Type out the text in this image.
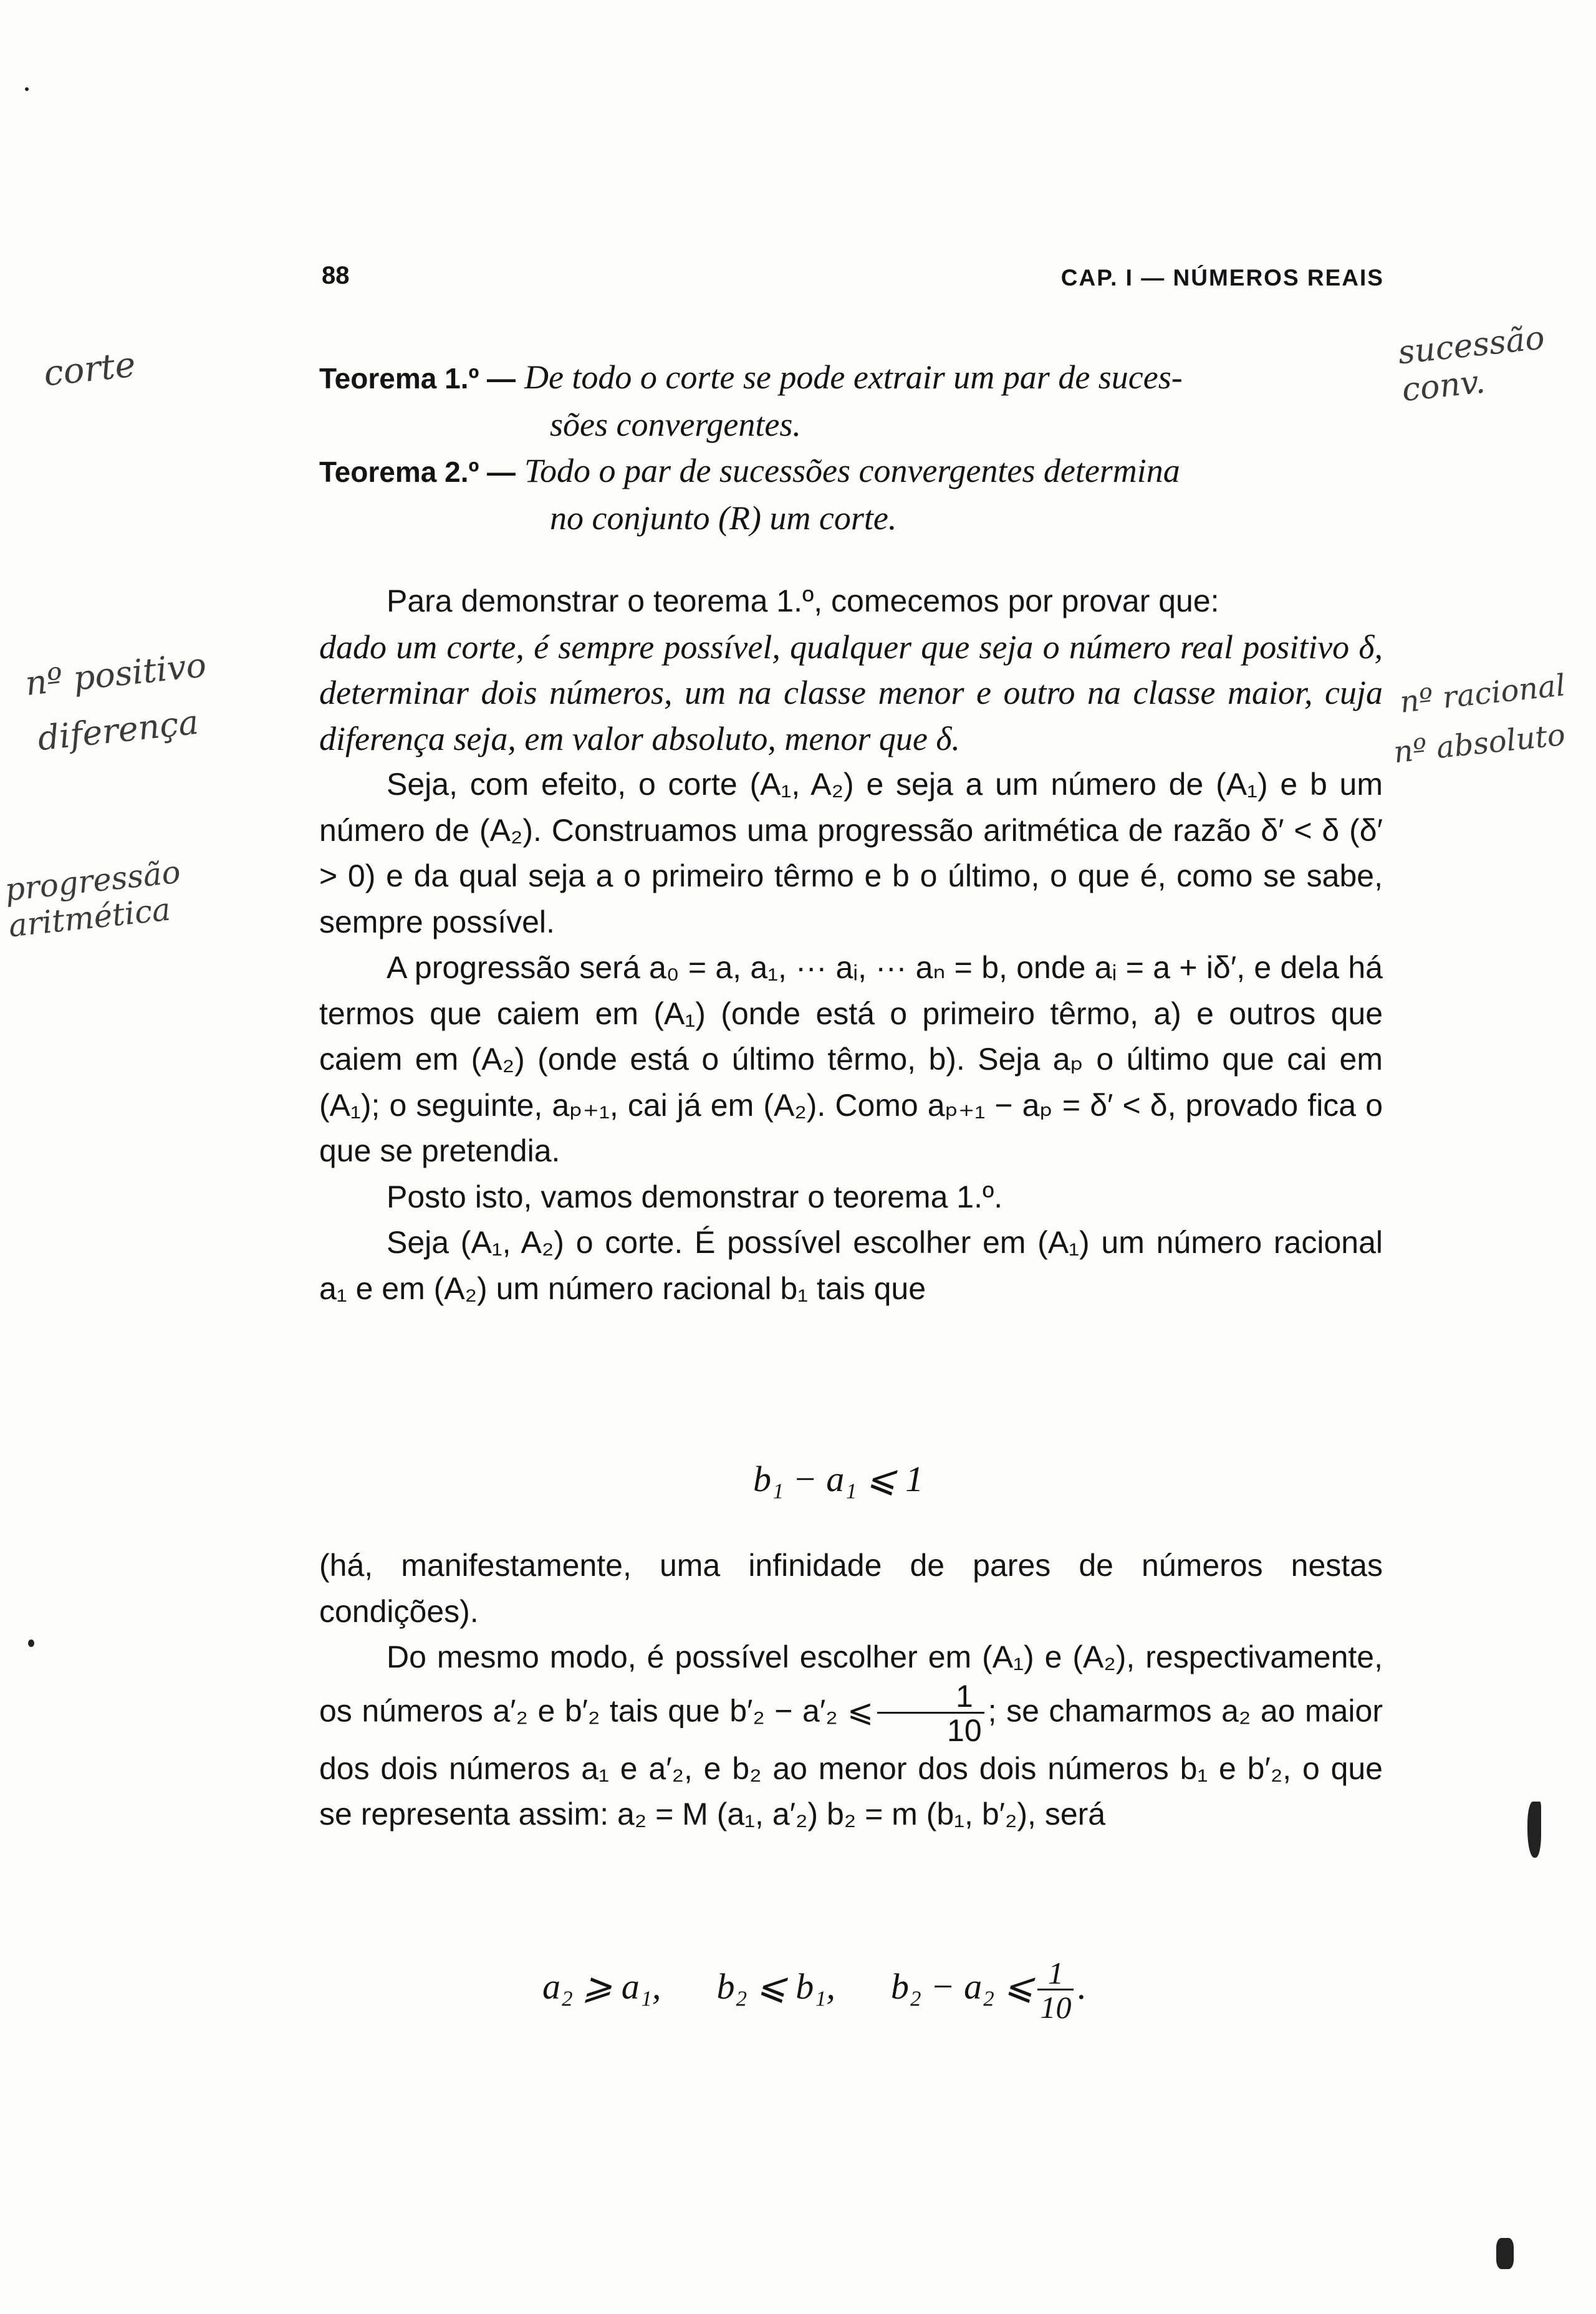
88	CAP. I — NÚMEROS REAIS
Teorema 1.º — De todo o corte se pode extrair um par de suces-
sões convergentes.
Teorema 2.º — Todo o par de sucessões convergentes determina
no conjunto (R) um corte.

Para demonstrar o teorema 1.º, comecemos por provar que:

dado um corte, é sempre possível, qualquer que seja o número real positivo δ, determinar dois números, um na classe menor e outro na classe maior, cuja diferença seja, em valor absoluto, menor que δ.

Seja, com efeito, o corte (A₁, A₂) e seja a um número de (A₁) e b um número de (A₂). Construamos uma progressão aritmética de razão δ′ < δ (δ′ > 0) e da qual seja a o primeiro têrmo e b o último, o que é, como se sabe, sempre possível.

A progressão será a₀ = a, a₁, ··· aᵢ, ··· aₙ = b, onde aᵢ = a + iδ′, e dela há termos que caiem em (A₁) (onde está o primeiro têrmo, a) e outros que caiem em (A₂) (onde está o último têrmo, b). Seja aₚ o último que cai em (A₁); o seguinte, aₚ₊₁, cai já em (A₂). Como aₚ₊₁ − aₚ = δ′ < δ, provado fica o que se pretendia.

Posto isto, vamos demonstrar o teorema 1.º.

Seja (A₁, A₂) o corte. É possível escolher em (A₁) um número racional a₁ e em (A₂) um número racional b₁ tais que

b₁ − a₁ ⩽ 1

(há, manifestamente, uma infinidade de pares de números nestas condições).

Do mesmo modo, é possível escolher em (A₁) e (A₂), respectivamente, os números a′₂ e b′₂ tais que b′₂ − a′₂ ⩽ $\frac{1}{10}$ ; se chamarmos a₂ ao maior dos dois números a₁ e a′₂, e b₂ ao menor dos dois números b₁ e b′₂, o que se representa assim: a₂ = M (a₁, a′₂) b₂ = m (b₁, b′₂), será

a₂ ⩾ a₁, b₂ ⩽ b₁, b₂ − a₂ ⩽ $\frac{1}{10}$ .
corte	sucessão conv.
nº positivo
diferença
nº racional
nº absoluto
progressão aritmética
